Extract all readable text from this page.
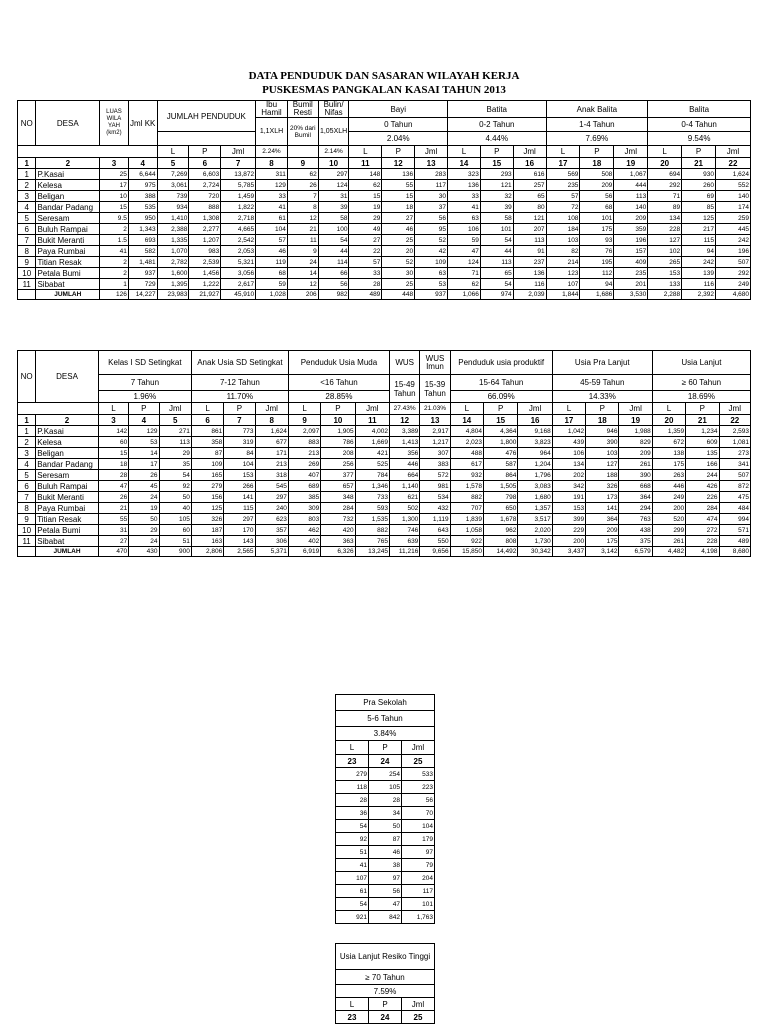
DATA PENDUDUK DAN SASARAN WILAYAH KERJA
PUSKESMAS PANGKALAN KASAI TAHUN 2013
NO	DESA	LUAS WILA YAH (km2)	Jml KK	JUMLAH PENDUDUK			Ibu Hamil	Bumil Resti	Bulin/ Nifas	Bayi			Batita			Anak Balita			Balita		
							1,1XLH	20% dari Bumil	1,05XLH	0 Tahun			0-2 Tahun			1-4 Tahun			0-4 Tahun		
										2.04%			4.44%			7.69%			9.54%		
				L	P	Jml	2.24%		2.14%	L	P	Jml	L	P	Jml	L	P	Jml	L	P	Jml
1	2	3	4	5	6	7	8	9	10	11	12	13	14	15	16	17	18	19	20	21	22
1	P.Kasai	25	6,644	7,269	6,603	13,872	311	62	297	148	136	283	323	293	616	569	508	1,067	694	930	1,624
2	Kelesa	17	975	3,061	2,724	5,785	129	26	124	62	55	117	136	121	257	235	209	444	292	260	552
3	Beligan	10	388	739	720	1,459	33	7	31	15	15	30	33	32	65	57	56	113	71	69	140
4	Bandar Padang	15	535	934	888	1,822	41	8	39	19	18	37	41	39	80	72	68	140	89	85	174
5	Seresam	9.5	950	1,410	1,308	2,718	61	12	58	29	27	56	63	58	121	108	101	209	134	125	259
6	Buluh Rampai	2	1,343	2,388	2,277	4,665	104	21	100	49	46	95	106	101	207	184	175	359	228	217	445
7	Bukit Meranti	1.5	693	1,335	1,207	2,542	57	11	54	27	25	52	59	54	113	103	93	196	127	115	242
8	Paya Rumbai	41	582	1,070	983	2,053	46	9	44	22	20	42	47	44	91	82	76	157	102	94	196
9	Titian Resak	2	1,481	2,782	2,539	5,321	119	24	114	57	52	109	124	113	237	214	195	409	265	242	507
10	Petala Bumi	2	937	1,600	1,456	3,056	68	14	66	33	30	63	71	65	136	123	112	235	153	139	292
11	Sibabat	1	729	1,395	1,222	2,617	59	12	56	28	25	53	62	54	116	107	94	201	133	116	249
	JUMLAH	126	14,227	23,983	21,927	45,910	1,028	206	982	489	448	937	1,066	974	2,039	1,844	1,686	3,530	2,288	2,392	4,680
NO	DESA	Kelas I SD Setingkat			Anak Usia SD Setingkat			Penduduk Usia Muda			WUS	WUS Imun	Penduduk usia produktif			Usia Pra Lanjut			Usia Lanjut		
		7 Tahun			7-12 Tahun			<16 Tahun			15-49 Tahun	15-39 Tahun	15-64 Tahun			45-59 Tahun			≥ 60 Tahun		
		1.96%			11.70%			28.85%					66.09%			14.33%			18.69%		
		L	P	Jml	L	P	Jml	L	P	Jml	27.43%	21.03%	L	P	Jml	L	P	Jml	L	P	Jml
1	2	3	4	5	6	7	8	9	10	11	12	13	14	15	16	17	18	19	20	21	22
1	P.Kasai	142	129	271	861	773	1,624	2,097	1,905	4,002	3,389	2,917	4,804	4,364	9,168	1,042	946	1,988	1,359	1,234	2,593
2	Kelesa	60	53	113	358	319	677	883	786	1,669	1,413	1,217	2,023	1,800	3,823	439	390	829	672	609	1,081
3	Beligan	15	14	29	87	84	171	213	208	421	356	307	488	476	964	106	103	209	138	135	273
4	Bandar Padang	18	17	35	109	104	213	269	256	525	446	383	617	587	1,204	134	127	261	175	166	341
5	Seresam	28	26	54	165	153	318	407	377	784	664	572	932	864	1,796	202	188	390	263	244	507
6	Buluh Rampai	47	45	92	279	266	545	689	657	1,346	1,140	981	1,578	1,505	3,083	342	326	668	446	426	872
7	Bukit Meranti	26	24	50	156	141	297	385	348	733	621	534	882	798	1,680	191	173	364	249	226	475
8	Paya Rumbai	21	19	40	125	115	240	309	284	593	502	432	707	650	1,357	153	141	294	200	284	484
9	Titian Resak	55	50	105	326	297	623	803	732	1,535	1,300	1,119	1,839	1,678	3,517	399	364	763	520	474	994
10	Petala Bumi	31	29	60	187	170	357	462	420	882	746	643	1,058	962	2,020	229	209	438	299	272	571
11	Sibabat	27	24	51	163	143	306	402	363	765	639	550	922	808	1,730	200	175	375	261	228	489
	JUMLAH	470	430	900	2,806	2,565	5,371	6,919	6,326	13,245	11,216	9,656	15,850	14,492	30,342	3,437	3,142	6,579	4,482	4,198	8,680
Pra Sekolah		
5-6 Tahun		
3.84%		
L	P	Jml
23	24	25
279	254	533
118	105	223
28	28	56
36	34	70
54	50	104
92	87	179
51	46	97
41	38	79
107	97	204
61	56	117
54	47	101
921	842	1,763
Usia Lanjut Resiko Tinggi		
≥ 70 Tahun		
7.59%		
L	P	Jml
23	24	25
